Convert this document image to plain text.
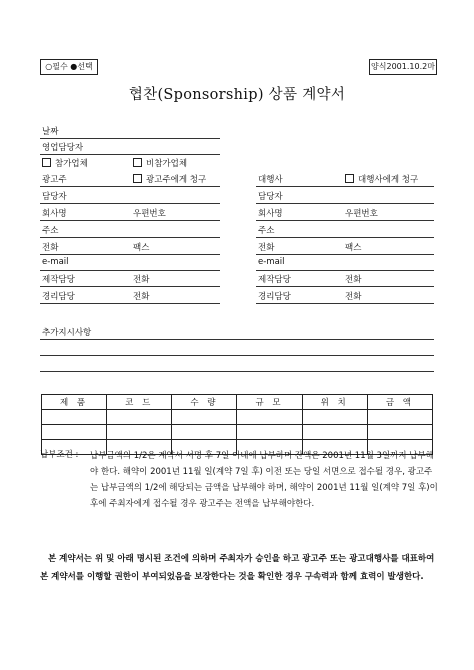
○필수 ●선택	양식2001.10.2마
협찬(Sponsorship) 상품 계약서
날짜
영업담당자
참가업체	비참가업체
광고주	광고주에게 청구
담당자
회사명	우편번호
주소
전화	팩스
e-mail
제작담당	전화
경리담당	전화
대행사	대행사에게 청구
담당자
회사명	우편번호
주소
전화	팩스
e-mail
제작담당	전화
경리담당	전화
추가지시사항
제 품	코 드	수 량	규 모	위 치	금 액

납부조건 : 납부금액의 1/2은 계약서 서명 후 7일 이내에 납부하며 잔액은 2001년 11월 3일까지 납부해야 한다. 해약이 2001년 11월 일(계약 7일 후) 이전 또는 당일 서면으로 접수될 경우, 광고주는 납부금액의 1/2에 해당되는 금액을 납부해야 하며, 해약이 2001년 11월 일(계약 7일 후)이후에 주최자에게 접수될 경우 광고주는 전액을 납부해야한다.
본 계약서는 위 및 아래 명시된 조건에 의하며 주최자가 승인을 하고 광고주 또는 광고대행사를 대표하여 본 계약서를 이행할 권한이 부여되었음을 보장한다는 것을 확인한 경우 구속력과 함께 효력이 발생한다.
